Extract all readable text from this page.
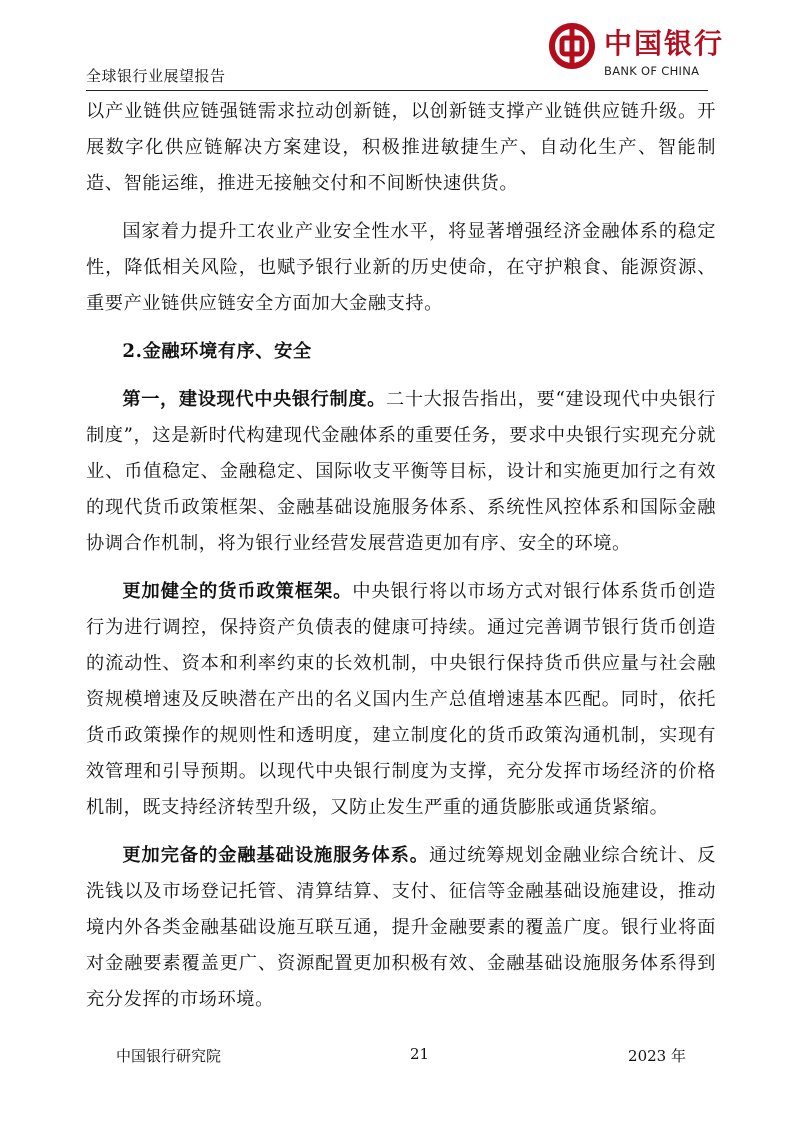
全球银行业展望报告
中国银行
BANK OF CHINA

以产业链供应链强链需求拉动创新链，以创新链支撑产业链供应链升级。开展数字化供应链解决方案建设，积极推进敏捷生产、自动化生产、智能制造、智能运维，推进无接触交付和不间断快速供货。

国家着力提升工农业产业安全性水平，将显著增强经济金融体系的稳定性，降低相关风险，也赋予银行业新的历史使命，在守护粮食、能源资源、重要产业链供应链安全方面加大金融支持。

2.金融环境有序、安全

第一，建设现代中央银行制度。二十大报告指出，要“建设现代中央银行制度”，这是新时代构建现代金融体系的重要任务，要求中央银行实现充分就业、币值稳定、金融稳定、国际收支平衡等目标，设计和实施更加行之有效的现代货币政策框架、金融基础设施服务体系、系统性风控体系和国际金融协调合作机制，将为银行业经营发展营造更加有序、安全的环境。

更加健全的货币政策框架。中央银行将以市场方式对银行体系货币创造行为进行调控，保持资产负债表的健康可持续。通过完善调节银行货币创造的流动性、资本和利率约束的长效机制，中央银行保持货币供应量与社会融资规模增速及反映潜在产出的名义国内生产总值增速基本匹配。同时，依托货币政策操作的规则性和透明度，建立制度化的货币政策沟通机制，实现有效管理和引导预期。以现代中央银行制度为支撑，充分发挥市场经济的价格机制，既支持经济转型升级，又防止发生严重的通货膨胀或通货紧缩。

更加完备的金融基础设施服务体系。通过统筹规划金融业综合统计、反洗钱以及市场登记托管、清算结算、支付、征信等金融基础设施建设，推动境内外各类金融基础设施互联互通，提升金融要素的覆盖广度。银行业将面对金融要素覆盖更广、资源配置更加积极有效、金融基础设施服务体系得到充分发挥的市场环境。

中国银行研究院	21	2023 年
